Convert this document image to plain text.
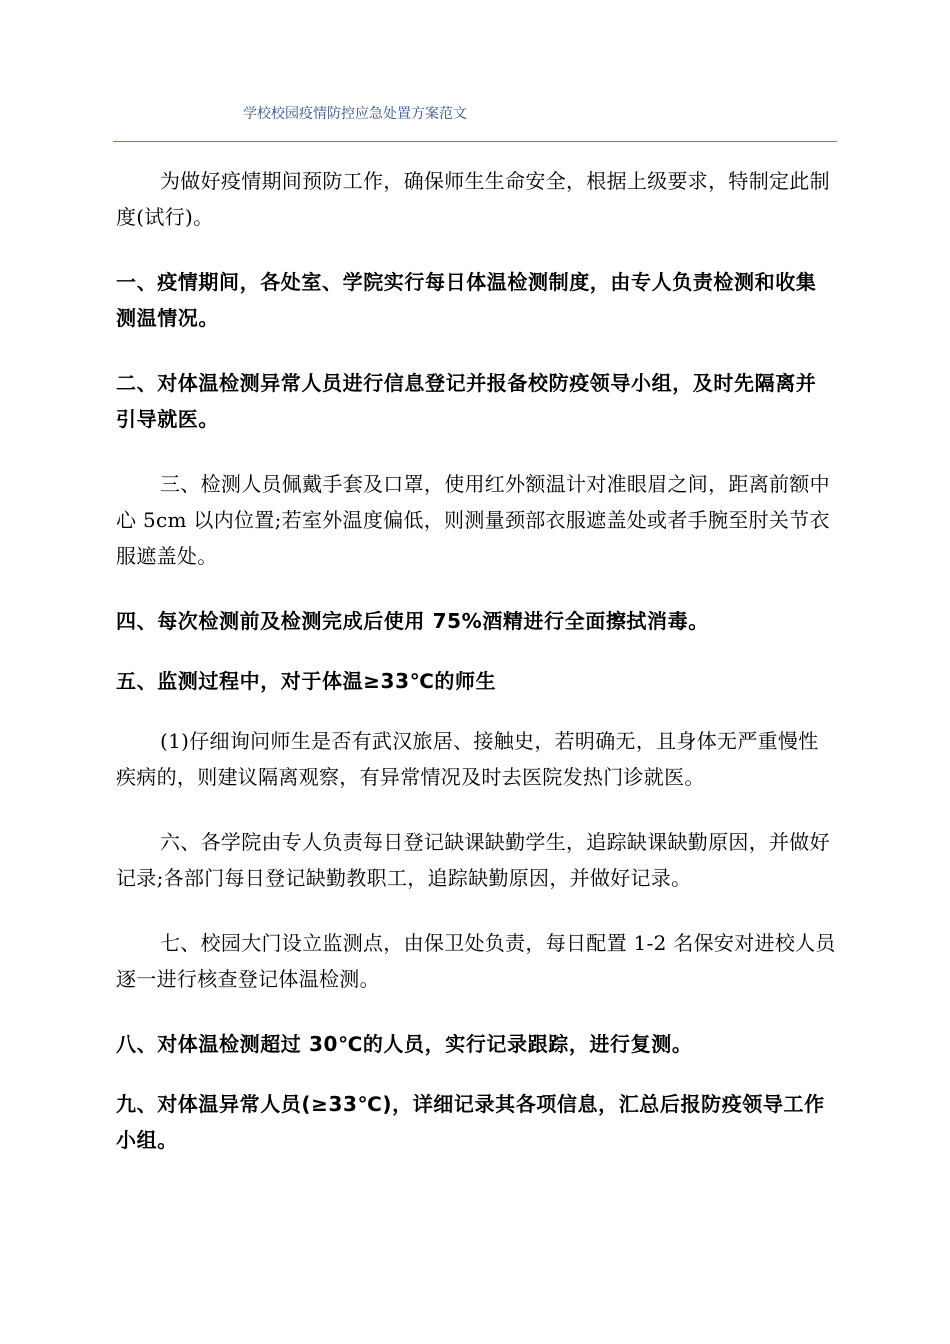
学校校园疫情防控应急处置方案范文

为做好疫情期间预防工作，确保师生生命安全，根据上级要求，特制定此制度(试行)。

一、疫情期间，各处室、学院实行每日体温检测制度，由专人负责检测和收集测温情况。

二、对体温检测异常人员进行信息登记并报备校防疫领导小组，及时先隔离并引导就医。

三、检测人员佩戴手套及口罩，使用红外额温计对准眼眉之间，距离前额中心 5cm 以内位置;若室外温度偏低，则测量颈部衣服遮盖处或者手腕至肘关节衣服遮盖处。

四、每次检测前及检测完成后使用 75%酒精进行全面擦拭消毒。

五、监测过程中，对于体温≥33℃的师生

(1)仔细询问师生是否有武汉旅居、接触史，若明确无，且身体无严重慢性疾病的，则建议隔离观察，有异常情况及时去医院发热门诊就医。

六、各学院由专人负责每日登记缺课缺勤学生，追踪缺课缺勤原因，并做好记录;各部门每日登记缺勤教职工，追踪缺勤原因，并做好记录。

七、校园大门设立监测点，由保卫处负责，每日配置 1-2 名保安对进校人员逐一进行核查登记体温检测。

八、对体温检测超过 30℃的人员，实行记录跟踪，进行复测。

九、对体温异常人员(≥33℃)，详细记录其各项信息，汇总后报防疫领导工作小组。
